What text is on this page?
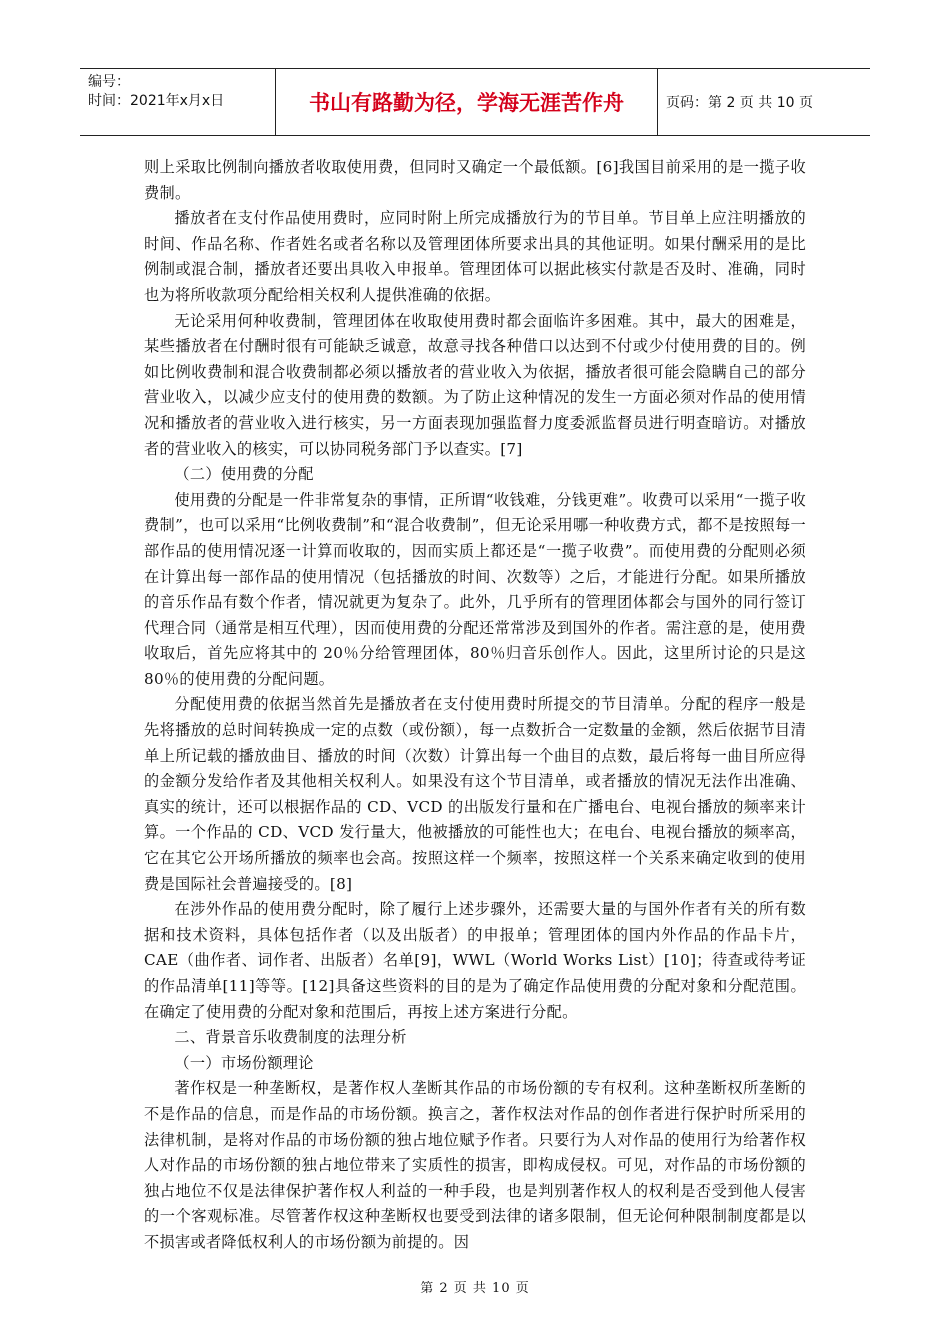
编号：
时间：2021年x月x日	书山有路勤为径，学海无涯苦作舟	页码：第 2 页 共 10 页

则上采取比例制向播放者收取使用费，但同时又确定一个最低额。[6]我国目前采用的是一揽子收费制。

播放者在支付作品使用费时，应同时附上所完成播放行为的节目单。节目单上应注明播放的时间、作品名称、作者姓名或者名称以及管理团体所要求出具的其他证明。如果付酬采用的是比例制或混合制，播放者还要出具收入申报单。管理团体可以据此核实付款是否及时、准确，同时也为将所收款项分配给相关权利人提供准确的依据。

无论采用何种收费制，管理团体在收取使用费时都会面临许多困难。其中，最大的困难是，某些播放者在付酬时很有可能缺乏诚意，故意寻找各种借口以达到不付或少付使用费的目的。例如比例收费制和混合收费制都必须以播放者的营业收入为依据，播放者很可能会隐瞒自己的部分营业收入，以减少应支付的使用费的数额。为了防止这种情况的发生一方面必须对作品的使用情况和播放者的营业收入进行核实，另一方面表现加强监督力度委派监督员进行明查暗访。对播放者的营业收入的核实，可以协同税务部门予以查实。[7]

（二）使用费的分配

使用费的分配是一件非常复杂的事情，正所谓“收钱难，分钱更难”。收费可以采用“一揽子收费制”，也可以采用“比例收费制”和“混合收费制”，但无论采用哪一种收费方式，都不是按照每一部作品的使用情况逐一计算而收取的，因而实质上都还是“一揽子收费”。而使用费的分配则必须在计算出每一部作品的使用情况（包括播放的时间、次数等）之后，才能进行分配。如果所播放的音乐作品有数个作者，情况就更为复杂了。此外，几乎所有的管理团体都会与国外的同行签订代理合同（通常是相互代理），因而使用费的分配还常常涉及到国外的作者。需注意的是，使用费收取后，首先应将其中的 20％分给管理团体，80％归音乐创作人。因此，这里所讨论的只是这 80％的使用费的分配问题。

分配使用费的依据当然首先是播放者在支付使用费时所提交的节目清单。分配的程序一般是先将播放的总时间转换成一定的点数（或份额），每一点数折合一定数量的金额，然后依据节目清单上所记载的播放曲目、播放的时间（次数）计算出每一个曲目的点数，最后将每一曲目所应得的金额分发给作者及其他相关权利人。如果没有这个节目清单，或者播放的情况无法作出准确、真实的统计，还可以根据作品的 CD、VCD 的出版发行量和在广播电台、电视台播放的频率来计算。一个作品的 CD、VCD 发行量大，他被播放的可能性也大；在电台、电视台播放的频率高，它在其它公开场所播放的频率也会高。按照这样一个频率，按照这样一个关系来确定收到的使用费是国际社会普遍接受的。[8]

在涉外作品的使用费分配时，除了履行上述步骤外，还需要大量的与国外作者有关的所有数据和技术资料，具体包括作者（以及出版者）的申报单；管理团体的国内外作品的作品卡片，CAE（曲作者、词作者、出版者）名单[9]，WWL（World Works List）[10]；待查或待考证的作品清单[11]等等。[12]具备这些资料的目的是为了确定作品使用费的分配对象和分配范围。在确定了使用费的分配对象和范围后，再按上述方案进行分配。

二、背景音乐收费制度的法理分析

（一）市场份额理论

著作权是一种垄断权，是著作权人垄断其作品的市场份额的专有权利。这种垄断权所垄断的不是作品的信息，而是作品的市场份额。换言之，著作权法对作品的创作者进行保护时所采用的法律机制，是将对作品的市场份额的独占地位赋予作者。只要行为人对作品的使用行为给著作权人对作品的市场份额的独占地位带来了实质性的损害，即构成侵权。可见，对作品的市场份额的独占地位不仅是法律保护著作权人利益的一种手段，也是判别著作权人的权利是否受到他人侵害的一个客观标准。尽管著作权这种垄断权也要受到法律的诸多限制，但无论何种限制制度都是以不损害或者降低权利人的市场份额为前提的。因

第 2 页 共 10 页
